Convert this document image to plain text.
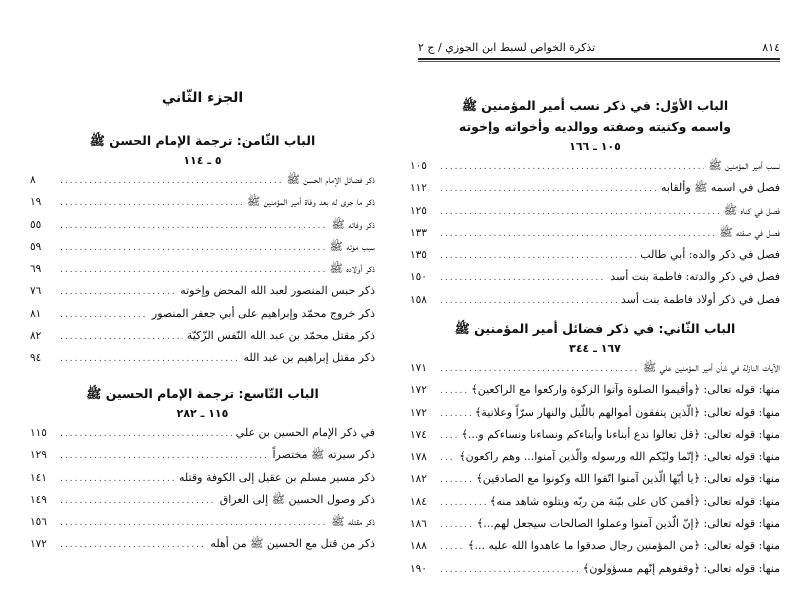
٨١٤
تذكرة الخواص لسبط ابن الجوزي / ج ٢
الباب الأوّل: في ذكر نسب أمير المؤمنين ﷺ واسمه وكنيته وصفته ووالديه وأخواته وإخوته
١٠٥ ـ ١٦٦
نسب أمير المؤمنين ﷺ
.....
١٠٥
فصل في اسمه ﷺ وألقابه
.....
١١٢
فصل في كناه ﷺ
.....
١٢٥
فصل في صفته ﷺ
.....
١٣٣
فصل في ذكر والده: أبي طالب
.....
١٣٥
فصل في ذكر والدته: فاطمة بنت أسد
.....
١٥٠
فصل في ذكر أولاد فاطمة بنت أسد
.....
١٥٨
الباب الثّاني: في ذكر فضائل أمير المؤمنين ﷺ
١٦٧ ـ ٣٤٤
الآيات النازلة في شأن أمير المؤمنين علي ﷺ
.....
١٧١
منها: قوله تعالى: ﴿وأقيموا الصلوة وآتوا الزكوة واركعوا مع الراكعين﴾
.....
١٧٢
منها: قوله تعالى: ﴿الّذين ينفقون أموالهم باللّيل والنهار سرّاً وعلانية﴾
.....
١٧٢
منها: قوله تعالى: ﴿قل تعالوا ندع أبناءنا وأبناءكم ونساءنا ونساءكم و...﴾
.....
١٧٤
منها: قوله تعالى: ﴿إنّما وليّكم الله ورسوله والّذين آمنوا... وهم راكعون﴾
.....
١٧٨
منها: قوله تعالى: ﴿يا أيّها الّذين آمنوا اتّقوا الله وكونوا مع الصادقين﴾
.....
١٨٢
منها: قوله تعالى: ﴿أفمن كان على بيّنة من ربّه ويتلوه شاهد منه﴾
.....
١٨٤
منها: قوله تعالى: ﴿إنّ الّذين آمنوا وعملوا الصالحات سيجعل لهم...﴾
.....
١٨٦
منها: قوله تعالى: ﴿من المؤمنين رجال صدقوا ما عاهدوا الله عليه ...﴾
.....
١٨٨
منها: قوله تعالى: ﴿وقفوهم إنّهم مسؤولون﴾
.....
١٩٠
الجزء الثّاني
الباب الثّامن: ترجمة الإمام الحسن ﷺ
٥ ـ ١١٤
ذكر فضائل الإمام الحسن ﷺ
.....
٨
ذكر ما جرى له بعد وفاة أمير المؤمنين ﷺ
.....
١٩
ذكر وفاته ﷺ
.....
٥٥
سبب موته ﷺ
.....
٥٩
ذكر أولاده ﷺ
.....
٦٩
ذكر حبس المنصور لعبد الله المحض وإخوته
.....
٧٦
ذكر خروج محمّد وإبراهيم على أبي جعفر المنصور
.....
٨١
ذكر مقتل محمّد بن عبد الله النّفس الزّكيّة
.....
٨٢
ذكر مقتل إبراهيم بن عبد الله
.....
٩٤
الباب التّاسع: ترجمة الإمام الحسين ﷺ
١١٥ ـ ٢٨٢
في ذكر الإمام الحسين بن علي
.....
١١٥
ذكر سيرته ﷺ مختصراً
.....
١٢٩
ذكر مسير مسلم بن عقيل إلى الكوفة وقتله
.....
١٤١
ذكر وصول الحسين ﷺ إلى العراق
.....
١٤٩
ذكر مقتله ﷺ
.....
١٥٦
ذكر من قتل مع الحسين ﷺ من أهله
.....
١٧٢
